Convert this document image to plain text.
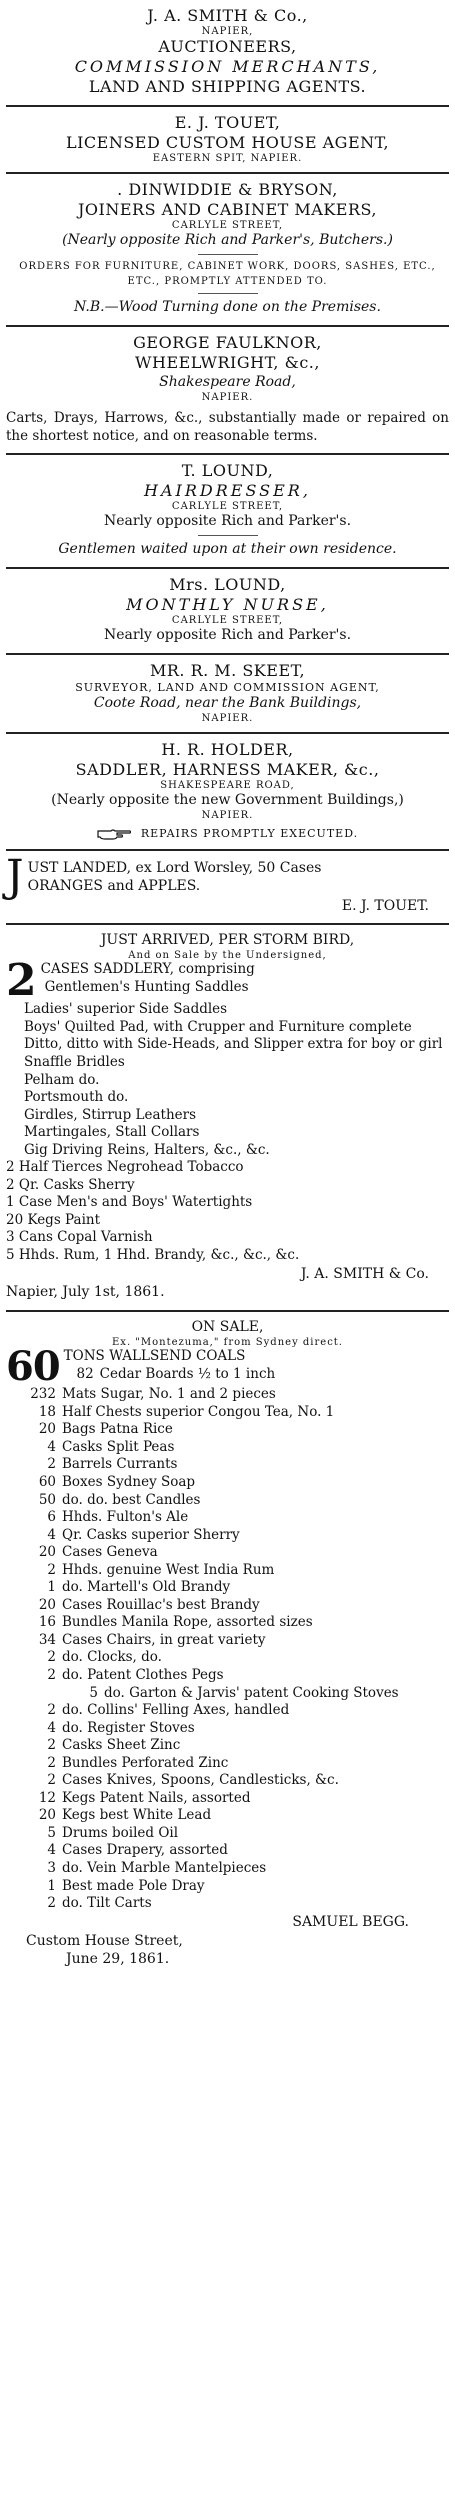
J. A. SMITH & Co.,
NAPIER,
AUCTIONEERS,
COMMISSION MERCHANTS,
LAND AND SHIPPING AGENTS.
E. J. TOUET,
LICENSED CUSTOM HOUSE AGENT,
EASTERN SPIT, NAPIER.
. DINWIDDIE & BRYSON,
JOINERS AND CABINET MAKERS,
CARLYLE STREET,
(Nearly opposite Rich and Parker's, Butchers.)
ORDERS FOR FURNITURE, CABINET WORK, DOORS, SASHES, ETC., ETC., PROMPTLY ATTENDED TO.
N.B.—Wood Turning done on the Premises.
GEORGE FAULKNOR,
WHEELWRIGHT, &c.,
Shakespeare Road,
NAPIER.
Carts, Drays, Harrows, &c., substantially made or repaired on the shortest notice, and on reasonable terms.
T. LOUND,
HAIRDRESSER,
CARLYLE STREET,
Nearly opposite Rich and Parker's.
Gentlemen waited upon at their own residence.
Mrs. LOUND,
MONTHLY NURSE,
CARLYLE STREET,
Nearly opposite Rich and Parker's.
MR. R. M. SKEET,
SURVEYOR, LAND AND COMMISSION AGENT,
Coote Road, near the Bank Buildings,
NAPIER.
H. R. HOLDER,
SADDLER, HARNESS MAKER, &c.,
SHAKESPEARE ROAD,
(Nearly opposite the new Government Buildings,)
NAPIER.
REPAIRS PROMPTLY EXECUTED.
J UST LANDED, ex Lord Worsley, 50 Cases
ORANGES and APPLES.
E. J. TOUET.
JUST ARRIVED, PER STORM BIRD,
And on Sale by the Undersigned,
2 CASES SADDLERY, comprising
Gentlemen's Hunting Saddles
Ladies' superior Side Saddles
Boys' Quilted Pad, with Crupper and Furniture complete
Ditto, ditto with Side-Heads, and Slipper extra for boy or girl
Snaffle Bridles
Pelham do.
Portsmouth do.
Girdles, Stirrup Leathers
Martingales, Stall Collars
Gig Driving Reins, Halters, &c., &c.
2 Half Tierces Negrohead Tobacco
2 Qr. Casks Sherry
1 Case Men's and Boys' Watertights
20 Kegs Paint
3 Cans Copal Varnish
5 Hhds. Rum, 1 Hhd. Brandy, &c., &c., &c.
J. A. SMITH & Co.
Napier, July 1st, 1861.
ON SALE,
Ex. "Montezuma," from Sydney direct.
60 TONS WALLSEND COALS
82 Cedar Boards ½ to 1 inch
232 Mats Sugar, No. 1 and 2 pieces
18 Half Chests superior Congou Tea, No. 1
20 Bags Patna Rice
4 Casks Split Peas
2 Barrels Currants
60 Boxes Sydney Soap
50 do. do. best Candles
6 Hhds. Fulton's Ale
4 Qr. Casks superior Sherry
20 Cases Geneva
2 Hhds. genuine West India Rum
1 do. Martell's Old Brandy
20 Cases Rouillac's best Brandy
16 Bundles Manila Rope, assorted sizes
34 Cases Chairs, in great variety
2 do. Clocks, do.
2 do. Patent Clothes Pegs
5 do. Garton & Jarvis' patent Cooking Stoves
2 do. Collins' Felling Axes, handled
4 do. Register Stoves
2 Casks Sheet Zinc
2 Bundles Perforated Zinc
2 Cases Knives, Spoons, Candlesticks, &c.
12 Kegs Patent Nails, assorted
20 Kegs best White Lead
5 Drums boiled Oil
4 Cases Drapery, assorted
3 do. Vein Marble Mantelpieces
1 Best made Pole Dray
2 do. Tilt Carts
SAMUEL BEGG.
Custom House Street,
June 29, 1861.
